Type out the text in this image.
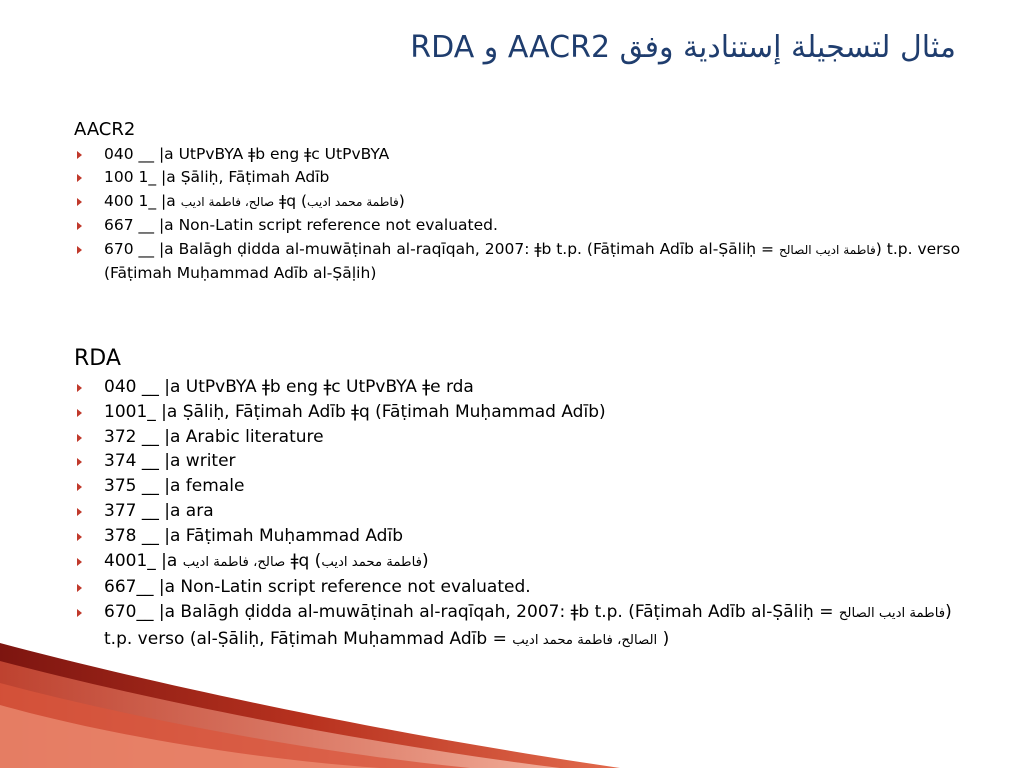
مثال لتسجيلة إستنادية وفق AACR2 و RDA
AACR2
040 __ |a UtPvBYA ǂb eng ǂc UtPvBYA
100 1_ |a Ṣāliḥ, Fāṭimah Adīb
400 1_ |a صالح، فاطمة اديب ǂq (فاطمة محمد اديب)
667 __ |a Non-Latin script reference not evaluated.
670 __ |a Balāgh ḍidda al-muwāṭinah al-raqīqah, 2007: ǂb t.p. (Fāṭimah Adīb al-Ṣāliḥ = فاطمة اديب الصالح) t.p. verso (Fāṭimah Muḥammad Adīb al-Ṣāḷih)
RDA
040 __ |a UtPvBYA ǂb eng ǂc UtPvBYA ǂe rda
1001_ |a Ṣāliḥ, Fāṭimah Adīb ǂq (Fāṭimah Muḥammad Adīb)
372 __ |a Arabic literature
374 __ |a writer
375 __ |a female
377 __ |a ara
378 __ |a Fāṭimah Muḥammad Adīb
4001_ |a صالح، فاطمة اديب ǂq (فاطمة محمد اديب)
667__ |a Non-Latin script reference not evaluated.
670__ |a Balāgh ḍidda al-muwāṭinah al-raqīqah, 2007: ǂb t.p. (Fāṭimah Adīb al-Ṣāliḥ = فاطمة اديب الصالح) t.p. verso (al-Ṣāliḥ, Fāṭimah Muḥammad Adīb = الصالح، فاطمة محمد اديب )
